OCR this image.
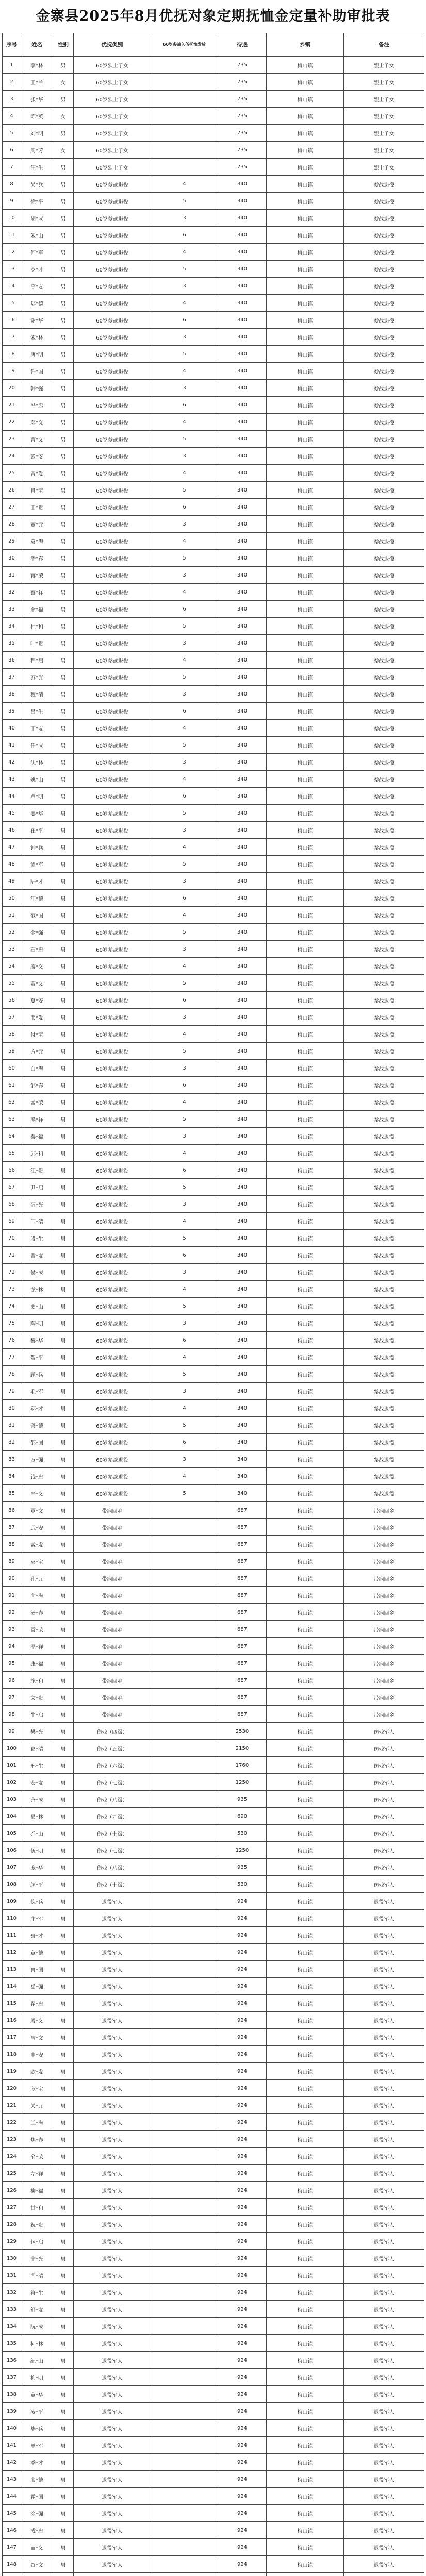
金寨县2025年8月优抚对象定期抚恤金定量补助审批表
序号	姓名	性别	优抚类别	60岁参战入伍抚恤发放	待遇	乡镇	备注
1	李*林	男	60岁烈士子女		735	梅山镇	烈士子女
2	王*兰	女	60岁烈士子女		735	梅山镇	烈士子女
3	张*华	男	60岁烈士子女		735	梅山镇	烈士子女
4	陈*英	女	60岁烈士子女		735	梅山镇	烈士子女
5	刘*明	男	60岁烈士子女		735	梅山镇	烈士子女
6	周*芳	女	60岁烈士子女		735	梅山镇	烈士子女
7	汪*生	男	60岁烈士子女		735	梅山镇	烈士子女
8	吴*兵	男	60岁参战退役	4	340	梅山镇	参战退役
9	徐*平	男	60岁参战退役	5	340	梅山镇	参战退役
10	胡*成	男	60岁参战退役	3	340	梅山镇	参战退役
11	朱*山	男	60岁参战退役	6	340	梅山镇	参战退役
12	何*军	男	60岁参战退役	4	340	梅山镇	参战退役
13	罗*才	男	60岁参战退役	5	340	梅山镇	参战退役
14	高*友	男	60岁参战退役	3	340	梅山镇	参战退役
15	郑*德	男	60岁参战退役	4	340	梅山镇	参战退役
16	谢*华	男	60岁参战退役	6	340	梅山镇	参战退役
17	宋*林	男	60岁参战退役	3	340	梅山镇	参战退役
18	唐*明	男	60岁参战退役	5	340	梅山镇	参战退役
19	许*国	男	60岁参战退役	4	340	梅山镇	参战退役
20	韩*强	男	60岁参战退役	3	340	梅山镇	参战退役
21	冯*忠	男	60岁参战退役	6	340	梅山镇	参战退役
22	邓*义	男	60岁参战退役	4	340	梅山镇	参战退役
23	曹*文	男	60岁参战退役	5	340	梅山镇	参战退役
24	彭*安	男	60岁参战退役	3	340	梅山镇	参战退役
25	曾*发	男	60岁参战退役	4	340	梅山镇	参战退役
26	肖*宝	男	60岁参战退役	5	340	梅山镇	参战退役
27	田*贵	男	60岁参战退役	6	340	梅山镇	参战退役
28	董*元	男	60岁参战退役	3	340	梅山镇	参战退役
29	袁*海	男	60岁参战退役	4	340	梅山镇	参战退役
30	潘*春	男	60岁参战退役	5	340	梅山镇	参战退役
31	蒋*荣	男	60岁参战退役	3	340	梅山镇	参战退役
32	蔡*祥	男	60岁参战退役	4	340	梅山镇	参战退役
33	余*福	男	60岁参战退役	6	340	梅山镇	参战退役
34	杜*和	男	60岁参战退役	5	340	梅山镇	参战退役
35	叶*贵	男	60岁参战退役	3	340	梅山镇	参战退役
36	程*启	男	60岁参战退役	4	340	梅山镇	参战退役
37	苏*光	男	60岁参战退役	5	340	梅山镇	参战退役
38	魏*清	男	60岁参战退役	3	340	梅山镇	参战退役
39	吕*生	男	60岁参战退役	6	340	梅山镇	参战退役
40	丁*友	男	60岁参战退役	4	340	梅山镇	参战退役
41	任*成	男	60岁参战退役	5	340	梅山镇	参战退役
42	沈*林	男	60岁参战退役	3	340	梅山镇	参战退役
43	姚*山	男	60岁参战退役	4	340	梅山镇	参战退役
44	卢*明	男	60岁参战退役	6	340	梅山镇	参战退役
45	姜*华	男	60岁参战退役	5	340	梅山镇	参战退役
46	崔*平	男	60岁参战退役	3	340	梅山镇	参战退役
47	钟*兵	男	60岁参战退役	4	340	梅山镇	参战退役
48	谭*军	男	60岁参战退役	5	340	梅山镇	参战退役
49	陆*才	男	60岁参战退役	3	340	梅山镇	参战退役
50	汪*德	男	60岁参战退役	6	340	梅山镇	参战退役
51	范*国	男	60岁参战退役	4	340	梅山镇	参战退役
52	金*强	男	60岁参战退役	5	340	梅山镇	参战退役
53	石*忠	男	60岁参战退役	3	340	梅山镇	参战退役
54	廖*义	男	60岁参战退役	4	340	梅山镇	参战退役
55	贾*文	男	60岁参战退役	5	340	梅山镇	参战退役
56	夏*安	男	60岁参战退役	6	340	梅山镇	参战退役
57	韦*发	男	60岁参战退役	3	340	梅山镇	参战退役
58	付*宝	男	60岁参战退役	4	340	梅山镇	参战退役
59	方*元	男	60岁参战退役	5	340	梅山镇	参战退役
60	白*海	男	60岁参战退役	3	340	梅山镇	参战退役
61	邹*春	男	60岁参战退役	6	340	梅山镇	参战退役
62	孟*荣	男	60岁参战退役	4	340	梅山镇	参战退役
63	熊*祥	男	60岁参战退役	5	340	梅山镇	参战退役
64	秦*福	男	60岁参战退役	3	340	梅山镇	参战退役
65	邱*和	男	60岁参战退役	4	340	梅山镇	参战退役
66	江*贵	男	60岁参战退役	6	340	梅山镇	参战退役
67	尹*启	男	60岁参战退役	5	340	梅山镇	参战退役
68	薛*光	男	60岁参战退役	3	340	梅山镇	参战退役
69	闫*清	男	60岁参战退役	4	340	梅山镇	参战退役
70	段*生	男	60岁参战退役	5	340	梅山镇	参战退役
71	雷*友	男	60岁参战退役	6	340	梅山镇	参战退役
72	侯*成	男	60岁参战退役	3	340	梅山镇	参战退役
73	龙*林	男	60岁参战退役	4	340	梅山镇	参战退役
74	史*山	男	60岁参战退役	5	340	梅山镇	参战退役
75	陶*明	男	60岁参战退役	3	340	梅山镇	参战退役
76	黎*华	男	60岁参战退役	6	340	梅山镇	参战退役
77	贺*平	男	60岁参战退役	4	340	梅山镇	参战退役
78	顾*兵	男	60岁参战退役	5	340	梅山镇	参战退役
79	毛*军	男	60岁参战退役	3	340	梅山镇	参战退役
80	郝*才	男	60岁参战退役	4	340	梅山镇	参战退役
81	龚*德	男	60岁参战退役	5	340	梅山镇	参战退役
82	邵*国	男	60岁参战退役	6	340	梅山镇	参战退役
83	万*强	男	60岁参战退役	3	340	梅山镇	参战退役
84	钱*忠	男	60岁参战退役	4	340	梅山镇	参战退役
85	严*义	男	60岁参战退役	5	340	梅山镇	参战退役
86	覃*文	男	带病回乡		687	梅山镇	带病回乡
87	武*安	男	带病回乡		687	梅山镇	带病回乡
88	戴*发	男	带病回乡		687	梅山镇	带病回乡
89	莫*宝	男	带病回乡		687	梅山镇	带病回乡
90	孔*元	男	带病回乡		687	梅山镇	带病回乡
91	向*海	男	带病回乡		687	梅山镇	带病回乡
92	汤*春	男	带病回乡		687	梅山镇	带病回乡
93	常*荣	男	带病回乡		687	梅山镇	带病回乡
94	温*祥	男	带病回乡		687	梅山镇	带病回乡
95	康*福	男	带病回乡		687	梅山镇	带病回乡
96	施*和	男	带病回乡		687	梅山镇	带病回乡
97	文*贵	男	带病回乡		687	梅山镇	带病回乡
98	牛*启	男	带病回乡		687	梅山镇	带病回乡
99	樊*光	男	伤残（四级）		2530	梅山镇	伤残军人
100	葛*清	男	伤残（五级）		2150	梅山镇	伤残军人
101	邢*生	男	伤残（六级）		1760	梅山镇	伤残军人
102	安*友	男	伤残（七级）		1250	梅山镇	伤残军人
103	齐*成	男	伤残（八级）		935	梅山镇	伤残军人
104	易*林	男	伤残（九级）		690	梅山镇	伤残军人
105	乔*山	男	伤残（十级）		530	梅山镇	伤残军人
106	伍*明	男	伤残（七级）		1250	梅山镇	伤残军人
107	庞*华	男	伤残（八级）		935	梅山镇	伤残军人
108	颜*平	男	伤残（十级）		530	梅山镇	伤残军人
109	倪*兵	男	退役军人		924	梅山镇	退役军人
110	庄*军	男	退役军人		924	梅山镇	退役军人
111	聂*才	男	退役军人		924	梅山镇	退役军人
112	章*德	男	退役军人		924	梅山镇	退役军人
113	鲁*国	男	退役军人		924	梅山镇	退役军人
114	岳*强	男	退役军人		924	梅山镇	退役军人
115	翟*忠	男	退役军人		924	梅山镇	退役军人
116	殷*义	男	退役军人		924	梅山镇	退役军人
117	詹*文	男	退役军人		924	梅山镇	退役军人
118	申*安	男	退役军人		924	梅山镇	退役军人
119	欧*发	男	退役军人		924	梅山镇	退役军人
120	耿*宝	男	退役军人		924	梅山镇	退役军人
121	关*元	男	退役军人		924	梅山镇	退役军人
122	兰*海	男	退役军人		924	梅山镇	退役军人
123	焦*春	男	退役军人		924	梅山镇	退役军人
124	俞*荣	男	退役军人		924	梅山镇	退役军人
125	左*祥	男	退役军人		924	梅山镇	退役军人
126	柳*福	男	退役军人		924	梅山镇	退役军人
127	甘*和	男	退役军人		924	梅山镇	退役军人
128	祝*贵	男	退役军人		924	梅山镇	退役军人
129	包*启	男	退役军人		924	梅山镇	退役军人
130	宁*光	男	退役军人		924	梅山镇	退役军人
131	尚*清	男	退役军人		924	梅山镇	退役军人
132	符*生	男	退役军人		924	梅山镇	退役军人
133	舒*友	男	退役军人		924	梅山镇	退役军人
134	阮*成	男	退役军人		924	梅山镇	退役军人
135	柯*林	男	退役军人		924	梅山镇	退役军人
136	纪*山	男	退役军人		924	梅山镇	退役军人
137	梅*明	男	退役军人		924	梅山镇	退役军人
138	童*华	男	退役军人		924	梅山镇	退役军人
139	凌*平	男	退役军人		924	梅山镇	退役军人
140	毕*兵	男	退役军人		924	梅山镇	退役军人
141	单*军	男	退役军人		924	梅山镇	退役军人
142	季*才	男	退役军人		924	梅山镇	退役军人
143	裴*德	男	退役军人		924	梅山镇	退役军人
144	霍*国	男	退役军人		924	梅山镇	退役军人
145	涂*强	男	退役军人		924	梅山镇	退役军人
146	成*忠	男	退役军人		924	梅山镇	退役军人
147	苗*义	男	退役军人		924	梅山镇	退役军人
148	谷*文	男	退役军人		924	梅山镇	退役军人
